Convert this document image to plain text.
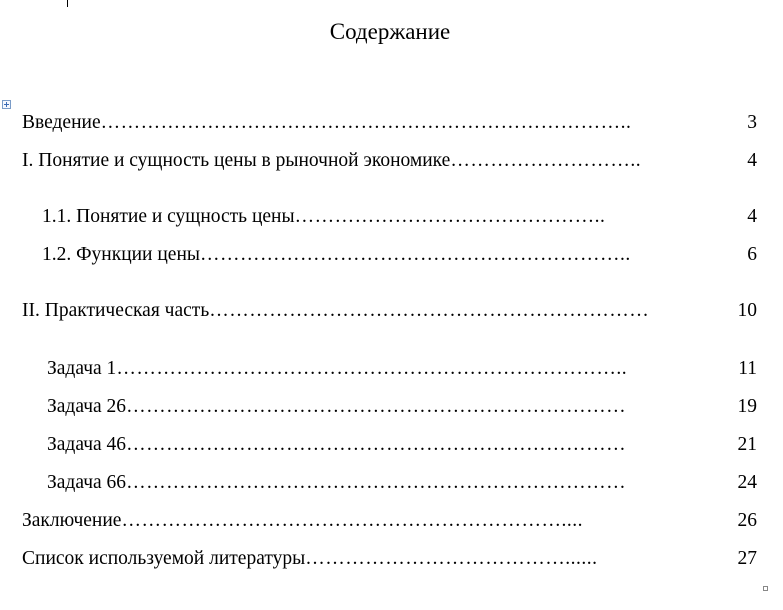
Содержание
Введение ……………………………………………………………………..	3
I. Понятие и сущность цены в рыночной экономике ………………………..	4
1.1. Понятие и сущность цены ………………………………………..	4
1.2. Функции цены ………………………………………………………..	6
II. Практическая часть …………………………………………………………	10
Задача 1 …………………………………………………………………..	11
Задача 26 …………………………………………………………………	19
Задача 46 …………………………………………………………………	21
Задача 66 …………………………………………………………………	24
Заключение …………………………………………………………....	26
Список используемой литературы …………………………………......	27
